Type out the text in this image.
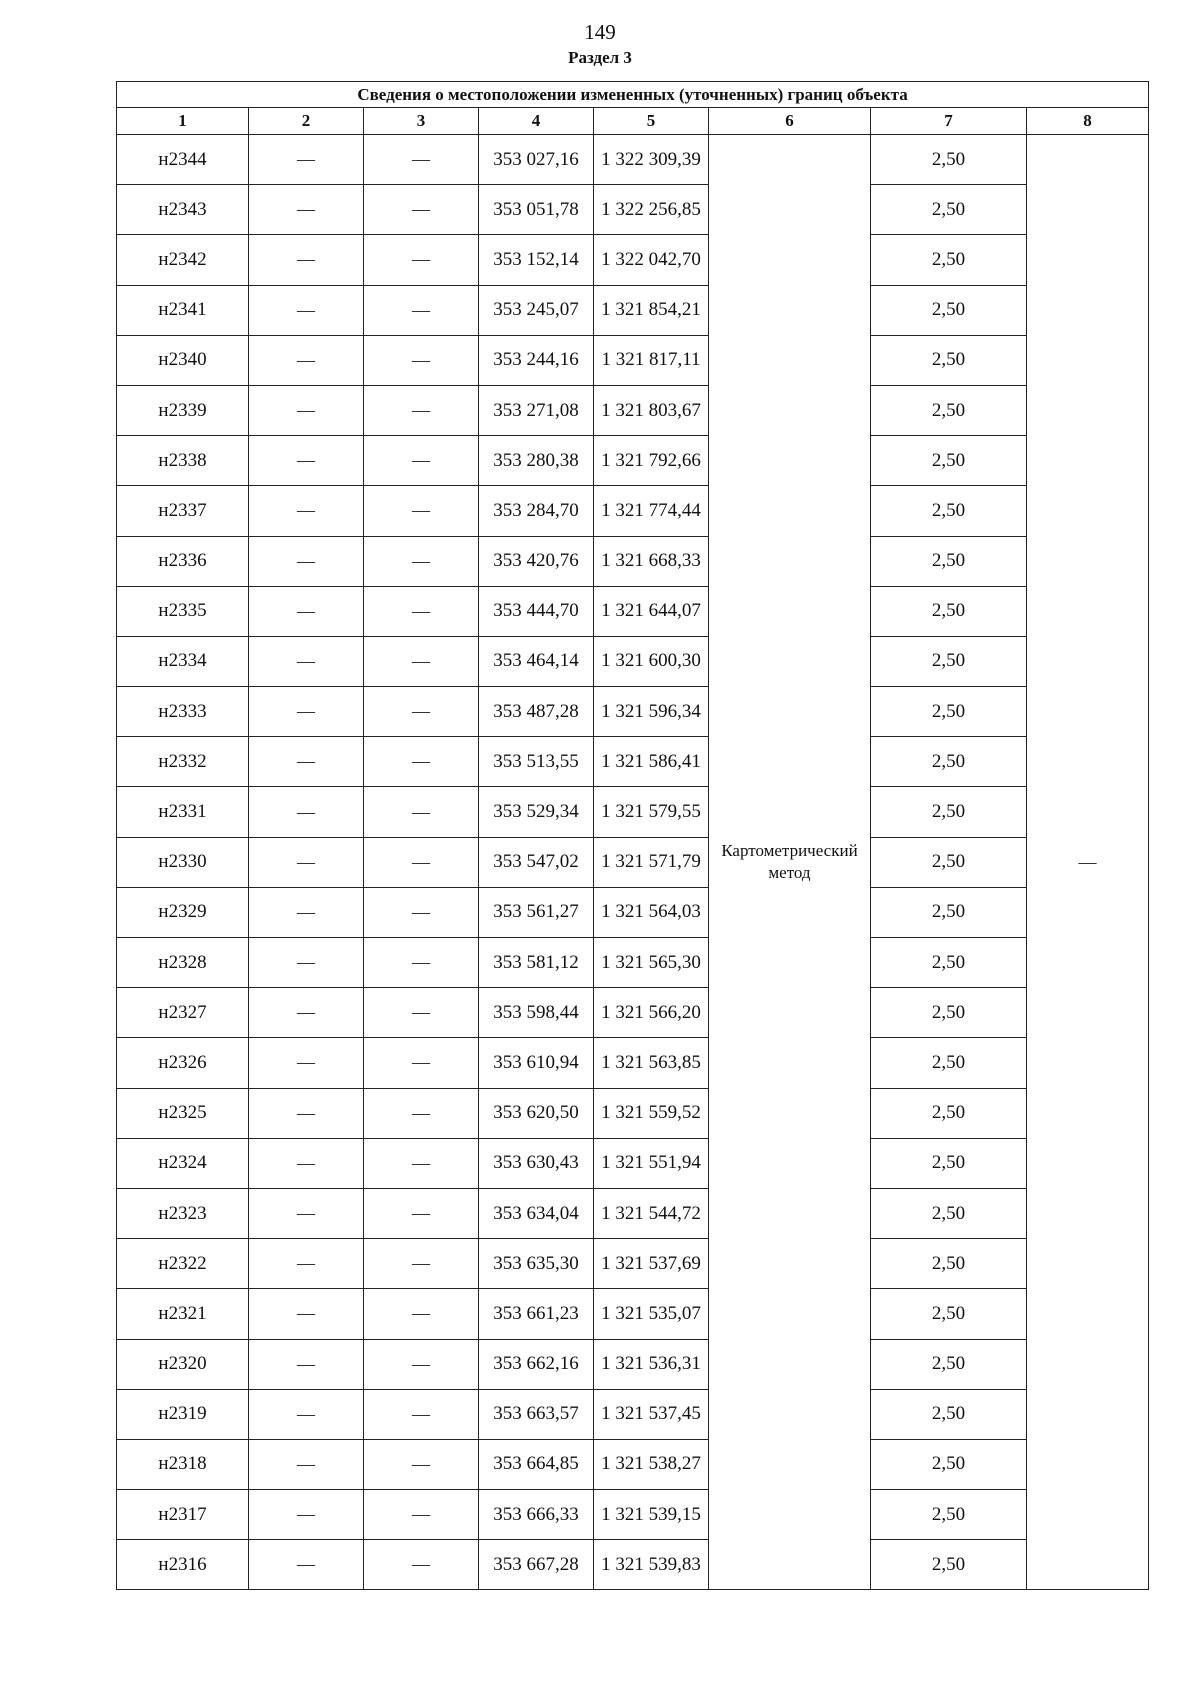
149
Раздел 3
Сведения о местоположении измененных (уточненных) границ объекта							
1	2	3	4	5	6	7	8
н2344	—	—	353 027,16	1 322 309,39	Картометрический метод	2,50	—
н2343	—	—	353 051,78	1 322 256,85		2,50	
н2342	—	—	353 152,14	1 322 042,70		2,50	
н2341	—	—	353 245,07	1 321 854,21		2,50	
н2340	—	—	353 244,16	1 321 817,11		2,50	
н2339	—	—	353 271,08	1 321 803,67		2,50	
н2338	—	—	353 280,38	1 321 792,66		2,50	
н2337	—	—	353 284,70	1 321 774,44		2,50	
н2336	—	—	353 420,76	1 321 668,33		2,50	
н2335	—	—	353 444,70	1 321 644,07		2,50	
н2334	—	—	353 464,14	1 321 600,30		2,50	
н2333	—	—	353 487,28	1 321 596,34		2,50	
н2332	—	—	353 513,55	1 321 586,41		2,50	
н2331	—	—	353 529,34	1 321 579,55		2,50	
н2330	—	—	353 547,02	1 321 571,79		2,50	
н2329	—	—	353 561,27	1 321 564,03		2,50	
н2328	—	—	353 581,12	1 321 565,30		2,50	
н2327	—	—	353 598,44	1 321 566,20		2,50	
н2326	—	—	353 610,94	1 321 563,85		2,50	
н2325	—	—	353 620,50	1 321 559,52		2,50	
н2324	—	—	353 630,43	1 321 551,94		2,50	
н2323	—	—	353 634,04	1 321 544,72		2,50	
н2322	—	—	353 635,30	1 321 537,69		2,50	
н2321	—	—	353 661,23	1 321 535,07		2,50	
н2320	—	—	353 662,16	1 321 536,31		2,50	
н2319	—	—	353 663,57	1 321 537,45		2,50	
н2318	—	—	353 664,85	1 321 538,27		2,50	
н2317	—	—	353 666,33	1 321 539,15		2,50	
н2316	—	—	353 667,28	1 321 539,83		2,50	
